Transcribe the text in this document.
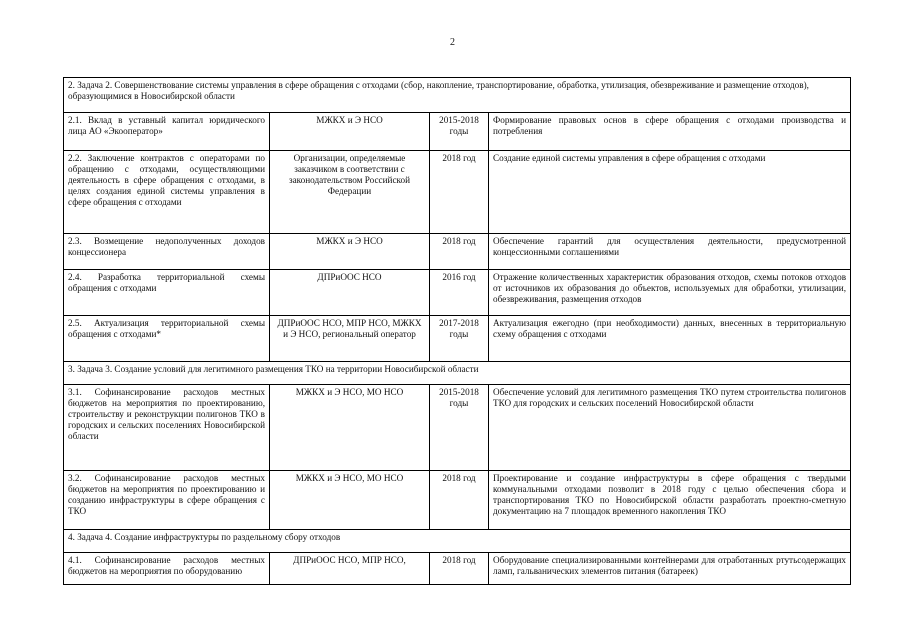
2
2. Задача 2. Совершенствование системы управления в сфере обращения с отходами (сбор, накопление, транспортирование, обработка, утилизация, обезвреживание и размещение отходов), образующимися в Новосибирской области			
2.1. Вклад в уставный капитал юридического лица АО «Экооператор»	МЖКХ и Э НСО	2015-2018 годы	Формирование правовых основ в сфере обращения с отходами производства и потребления
2.2. Заключение контрактов с операторами по обращению с отходами, осуществляющими деятельность в сфере обращения с отходами, в целях создания единой системы управления в сфере обращения с отходами	Организации, определяемые заказчиком в соответствии с законодательством Российской Федерации	2018 год	Создание единой системы управления в сфере обращения с отходами
2.3. Возмещение недополученных доходов концессионера	МЖКХ и Э НСО	2018 год	Обеспечение гарантий для осуществления деятельности, предусмотренной концессионными соглашениями
2.4. Разработка территориальной схемы обращения с отходами	ДПРиООС НСО	2016 год	Отражение количественных характеристик образования отходов, схемы потоков отходов от источников их образования до объектов, используемых для обработки, утилизации, обезвреживания, размещения отходов
2.5. Актуализация территориальной схемы обращения с отходами*	ДПРиООС НСО, МПР НСО, МЖКХ и Э НСО, региональный оператор	2017-2018 годы	Актуализация ежегодно (при необходимости) данных, внесенных в территориальную схему обращения с отходами
3. Задача 3. Создание условий для легитимного размещения ТКО на территории Новосибирской области			
3.1. Софинансирование расходов местных бюджетов на мероприятия по проектированию, строительству и реконструкции полигонов ТКО в городских и сельских поселениях Новосибирской области	МЖКХ и Э НСО, МО НСО	2015-2018 годы	Обеспечение условий для легитимного размещения ТКО путем строительства полигонов ТКО для городских и сельских поселений Новосибирской области
3.2. Софинансирование расходов местных бюджетов на мероприятия по проектированию и созданию инфраструктуры в сфере обращения с ТКО	МЖКХ и Э НСО, МО НСО	2018 год	Проектирование и создание инфраструктуры в сфере обращения с твердыми коммунальными отходами позволит в 2018 году с целью обеспечения сбора и транспортирования ТКО по Новосибирской области разработать проектно-сметную документацию на 7 площадок временного накопления ТКО
4. Задача 4. Создание инфраструктуры по раздельному сбору отходов			
4.1. Софинансирование расходов местных бюджетов на мероприятия по оборудованию	ДПРиООС НСО, МПР НСО,	2018 год	Оборудование специализированными контейнерами для отработанных ртутьсодержащих ламп, гальванических элементов питания (батареек)
